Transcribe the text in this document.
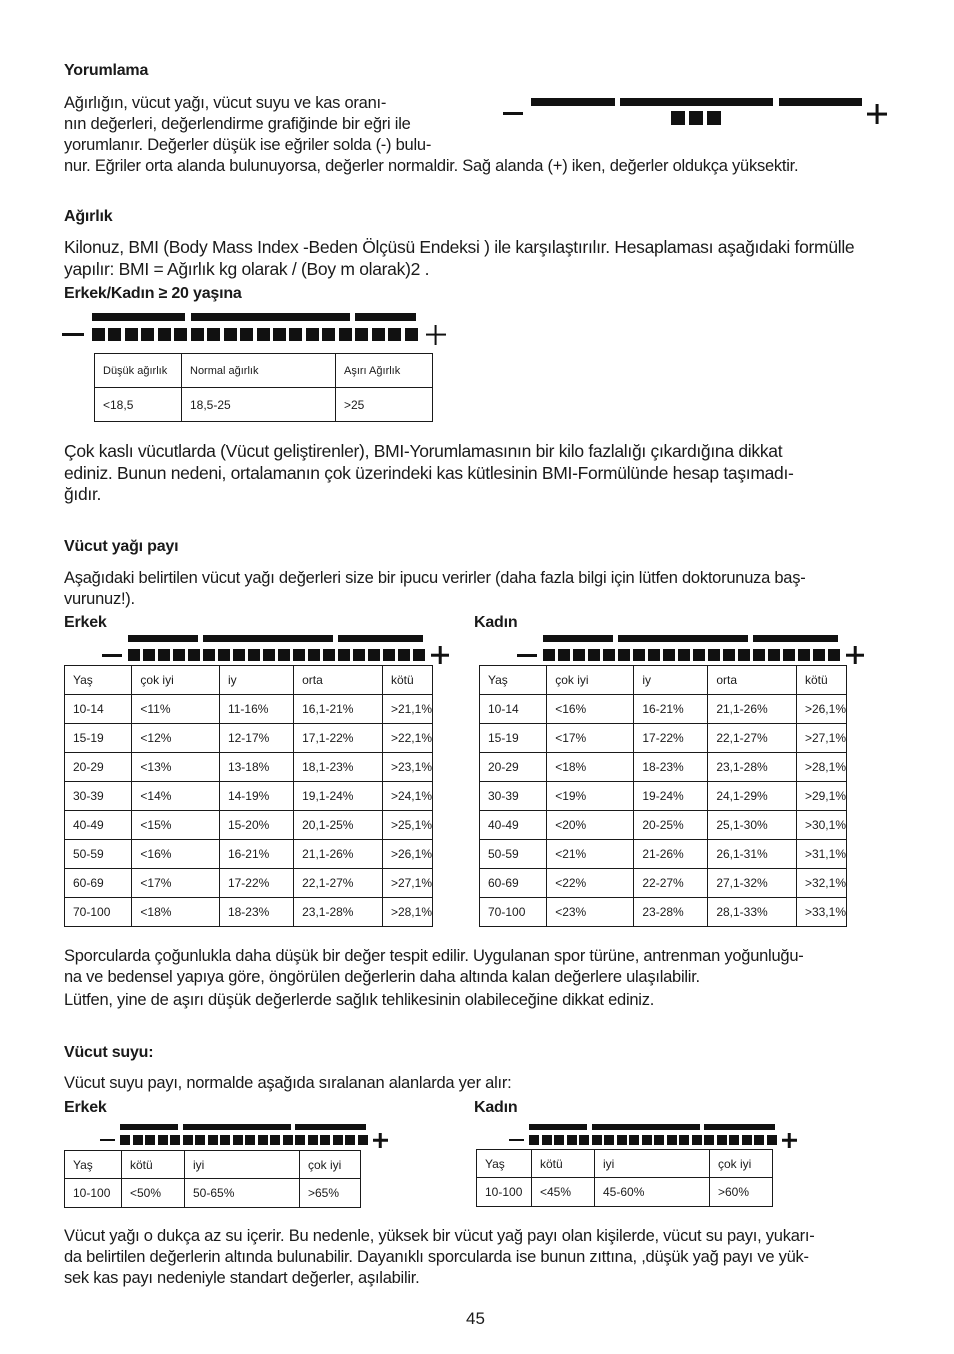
Yorumlama
Ağırlığın, vücut yağı, vücut suyu ve kas oranı-
nın değerleri, değerlendirme grafiğinde bir eğri ile
yorumlanır. Değerler düşük ise eğriler solda (-) bulu-
nur. Eğriler orta alanda bulunuyorsa, değerler normaldir. Sağ alanda (+) iken, değerler oldukça yüksektir.
Ağırlık
Kilonuz, BMI (Body Mass Index -Beden Ölçüsü Endeksi ) ile karşılaştırılır. Hesaplaması aşağıdaki formülle
yapılır: BMI = Ağırlık kg olarak / (Boy m olarak)2 .
Erkek/Kadın ≥ 20 yaşına
Düşük ağırlık	Normal ağırlık	Aşırı Ağırlık
<18,5	18,5-25	>25
Çok kaslı vücutlarda (Vücut geliştirenler), BMI-Yorumlamasının bir kilo fazlalığı çıkardığına dikkat
ediniz. Bunun nedeni, ortalamanın çok üzerindeki kas kütlesinin BMI-Formülünde hesap taşımadı-
ğıdır.
Vücut yağı payı
Aşağıdaki belirtilen vücut yağı değerleri size bir ipucu verirler (daha fazla bilgi için lütfen doktorunuza baş-
vurunuz!).
Erkek	Kadın
Yaş	çok iyi	iy	orta	kötü
10-14	<11%	11-16%	16,1-21%	>21,1%
15-19	<12%	12-17%	17,1-22%	>22,1%
20-29	<13%	13-18%	18,1-23%	>23,1%
30-39	<14%	14-19%	19,1-24%	>24,1%
40-49	<15%	15-20%	20,1-25%	>25,1%
50-59	<16%	16-21%	21,1-26%	>26,1%
60-69	<17%	17-22%	22,1-27%	>27,1%
70-100	<18%	18-23%	23,1-28%	>28,1%
Yaş	çok iyi	iy	orta	kötü
10-14	<16%	16-21%	21,1-26%	>26,1%
15-19	<17%	17-22%	22,1-27%	>27,1%
20-29	<18%	18-23%	23,1-28%	>28,1%
30-39	<19%	19-24%	24,1-29%	>29,1%
40-49	<20%	20-25%	25,1-30%	>30,1%
50-59	<21%	21-26%	26,1-31%	>31,1%
60-69	<22%	22-27%	27,1-32%	>32,1%
70-100	<23%	23-28%	28,1-33%	>33,1%
Sporcularda çoğunlukla daha düşük bir değer tespit edilir. Uygulanan spor türüne, antrenman yoğunluğu-
na ve bedensel yapıya göre, öngörülen değerlerin daha altında kalan değerlere ulaşılabilir.
Lütfen, yine de aşırı düşük değerlerde sağlık tehlikesinin olabileceğine dikkat ediniz.
Vücut suyu:
Vücut suyu payı, normalde aşağıda sıralanan alanlarda yer alır:
Erkek	Kadın
Yaş	kötü	iyi	çok iyi
10-100	<50%	50-65%	>65%
Yaş	kötü	iyi	çok iyi
10-100	<45%	45-60%	>60%
Vücut yağı o dukça az su içerir. Bu nedenle, yüksek bir vücut yağ payı olan kişilerde, vücut su payı, yukarı-
da belirtilen değerlerin altında bulunabilir. Dayanıklı sporcularda ise bunun zıttına, ,düşük yağ payı ve yük-
sek kas payı nedeniyle standart değerler, aşılabilir.
45
